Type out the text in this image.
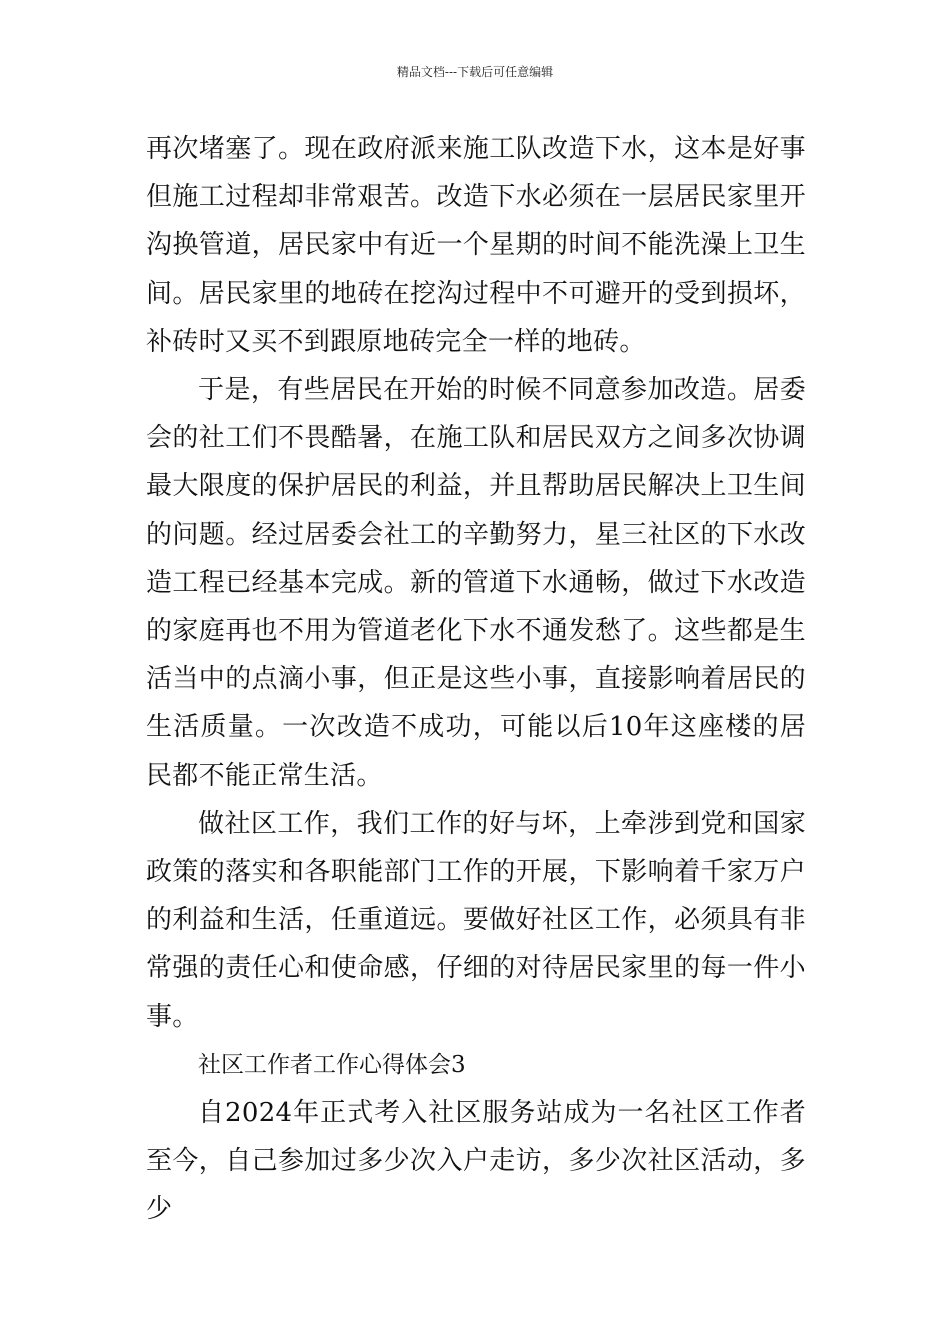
精品文档---下载后可任意编辑

再次堵塞了。现在政府派来施工队改造下水，这本是好事但施工过程却非常艰苦。改造下水必须在一层居民家里开沟换管道，居民家中有近一个星期的时间不能洗澡上卫生间。居民家里的地砖在挖沟过程中不可避开的受到损坏，补砖时又买不到跟原地砖完全一样的地砖。

于是，有些居民在开始的时候不同意参加改造。居委会的社工们不畏酷暑，在施工队和居民双方之间多次协调最大限度的保护居民的利益，并且帮助居民解决上卫生间的问题。经过居委会社工的辛勤努力，星三社区的下水改造工程已经基本完成。新的管道下水通畅，做过下水改造的家庭再也不用为管道老化下水不通发愁了。这些都是生活当中的点滴小事，但正是这些小事，直接影响着居民的生活质量。一次改造不成功，可能以后10年这座楼的居民都不能正常生活。

做社区工作，我们工作的好与坏，上牵涉到党和国家政策的落实和各职能部门工作的开展，下影响着千家万户的利益和生活，任重道远。要做好社区工作，必须具有非常强的责任心和使命感，仔细的对待居民家里的每一件小事。

社区工作者工作心得体会3

自2024年正式考入社区服务站成为一名社区工作者至今，自己参加过多少次入户走访，多少次社区活动，多少
